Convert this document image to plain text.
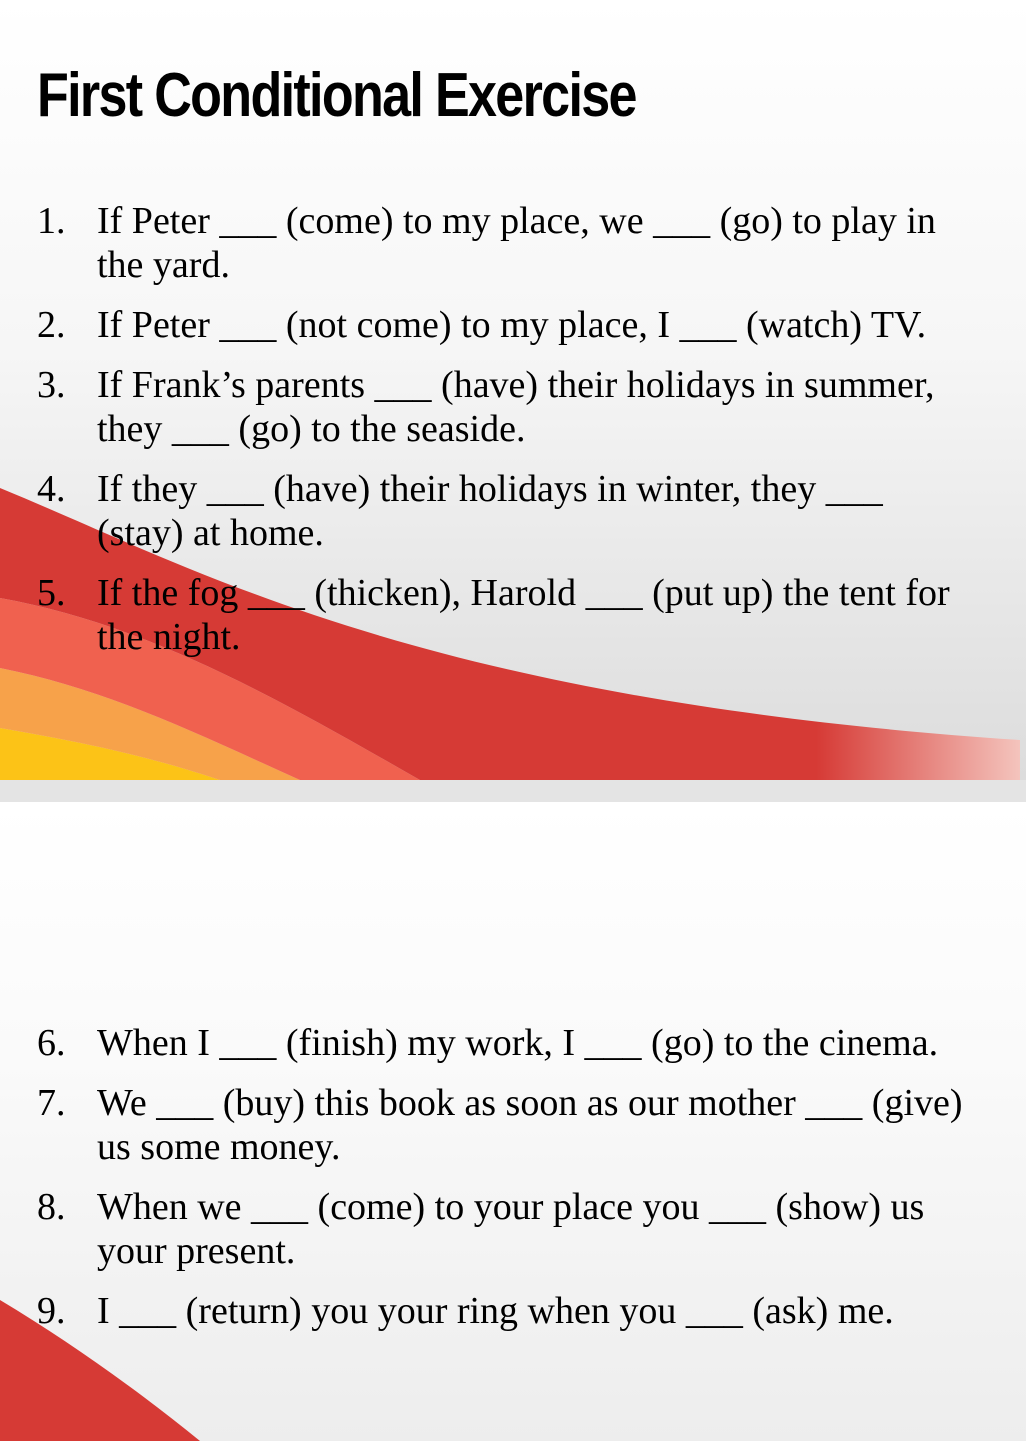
First Conditional Exercise
1. If Peter ___ (come) to my place, we ___ (go) to play in the yard.
2. If Peter ___ (not come) to my place, I ___ (watch) TV.
3. If Frank’s parents ___ (have) their holidays in summer, they ___ (go) to the seaside.
4. If they ___ (have) their holidays in winter, they ___ (stay) at home.
5. If the fog ___ (thicken), Harold ___ (put up) the tent for the night.
6. When I ___ (finish) my work, I ___ (go) to the cinema.
7. We ___ (buy) this book as soon as our mother ___ (give) us some money.
8. When we ___ (come) to your place you ___ (show) us your present.
9. I ___ (return) you your ring when you ___ (ask) me.
